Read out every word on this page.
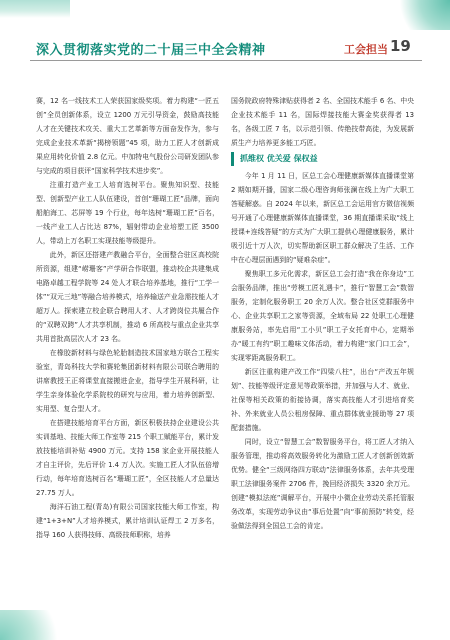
深入贯彻落实党的二十届三中全会精神	工会担当 19

赛，12 名一线技术工人荣获国家级奖项。着力构建“一匠五创”全员创新体系，设立 1200 万元引导资金，鼓励高技能人才在关键技术攻关、重大工艺革新等方面奋发作为，参与完成企业技术革新“揭榜领题”45 项，助力工匠人才创新成果应用转化价值 2.8 亿元。中加特电气股份公司研发团队参与完成的项目获评“国家科学技术进步奖”。

注重打造产业工人培育选树平台。聚焦知识型、技能型、创新型产业工人队伍建设，首创“珊瑚工匠”品牌，面向船舶海工、芯屏等 19 个行业，每年选树“珊瑚工匠”百名，一线产业工人占比达 87%，辐射带动企业培塑工匠 3500 人，带动上万名职工实现技能等级提升。

此外，新区还搭建产教融合平台，全面整合驻区高校院所资源，组建“崂珊客”产学研合作联盟，推动校企共建集成电路卓越工程学院等 24 处人才联合培养基地，推行“工学一体”“双元三地”等融合培养模式，培养输送产业急需技能人才超万人。探索建立校企联合聘用人才、人才跨岗位共履合作的“双聘双跨”人才共享机制，推动 6 所高校与重点企业共享共用首批高层次人才 23 名。

在橡胶新材料与绿色轮胎制造技术国家地方联合工程实验室，青岛科技大学和赛轮集团新材料有限公司联合聘用的讲席教授王正将课堂直接搬进企业，指导学生开展科研，让学生亲身体验化学系院校的研究与应用，着力培养创新型、实用型、复合型人才。

在搭建技能培育平台方面，新区积极扶持企业建设公共实训基地、技能大师工作室等 215 个职工赋能平台，累计发放技能培训补贴 4900 万元。支持 158 家企业开展技能人才自主评价，先后评价 1.4 万人次。实施工匠人才队伍倍增行动，每年培育选树百名“珊瑚工匠”，全区技能人才总量达 27.75 万人。

海洋石油工程(青岛)有限公司国家技能大师工作室，构建“1+3+N”人才培养模式，累计培训认证焊工 2 万多名，指导 160 人获得技师、高级技师职称，培养

国务院政府特殊津贴获得者 2 名、全国技术能手 6 名、中央企业技术能手 11 名，国际焊接技能大赛金奖获得者 13 名，各级工匠 7 名，以示范引领、传绝技带高徒，为发展新质生产力培养更多能工巧匠。

抓维权 优关爱 保权益

今年 1 月 11 日，区总工会心理健康新媒体直播课堂第 2 期如期开播，国家二级心理咨询师张澜在线上为广大职工答疑解惑。自 2024 年以来，新区总工会运用官方微信视频号开通了心理健康新媒体直播课堂，36 期直播课采取“线上授课+连线答疑”的方式为广大职工提供心理健康服务，累计吸引近十万人次，切实帮助新区职工群众解决了生活、工作中在心理层面遇到的“疑难杂症”。

聚焦职工多元化需求，新区总工会打造“我在你身边”工会服务品牌，推出“劳模工匠礼遇卡”，推行“智慧工会”数智服务，定制化服务职工 20 余万人次。整合社区党群服务中心、企业共享职工之家等资源，全域布局 22 处职工心理健康服务站，率先启用“工小贝”职工子女托育中心，定期举办“暖工有约”职工趣味文体活动，着力构建“家门口工会”，实现零距离服务职工。

新区注重构建产改工作“四梁八柱”，出台“产改五年规划”、技能等级评定意见等政策举措，并加强与人才、就业、社保等相关政策的衔接协调，落实高技能人才引进培育奖补、外来就业人员公租房保障、重点群体就业援助等 27 项配套措施。

同时，设立“智慧工会”数智服务平台，将工匠人才纳入服务管理，推动将高效服务转化为激励工匠人才创新创效新优势。健全“三级网络四方联动”法律服务体系，去年共受理职工法律服务案件 2706 件，挽回经济损失 3320 余万元。创建“模拟法庭”调解平台，开展中小微企业劳动关系托管服务改革，实现劳动争议由“事后处置”向“事前预防”转变，经验做法得到全国总工会的肯定。
